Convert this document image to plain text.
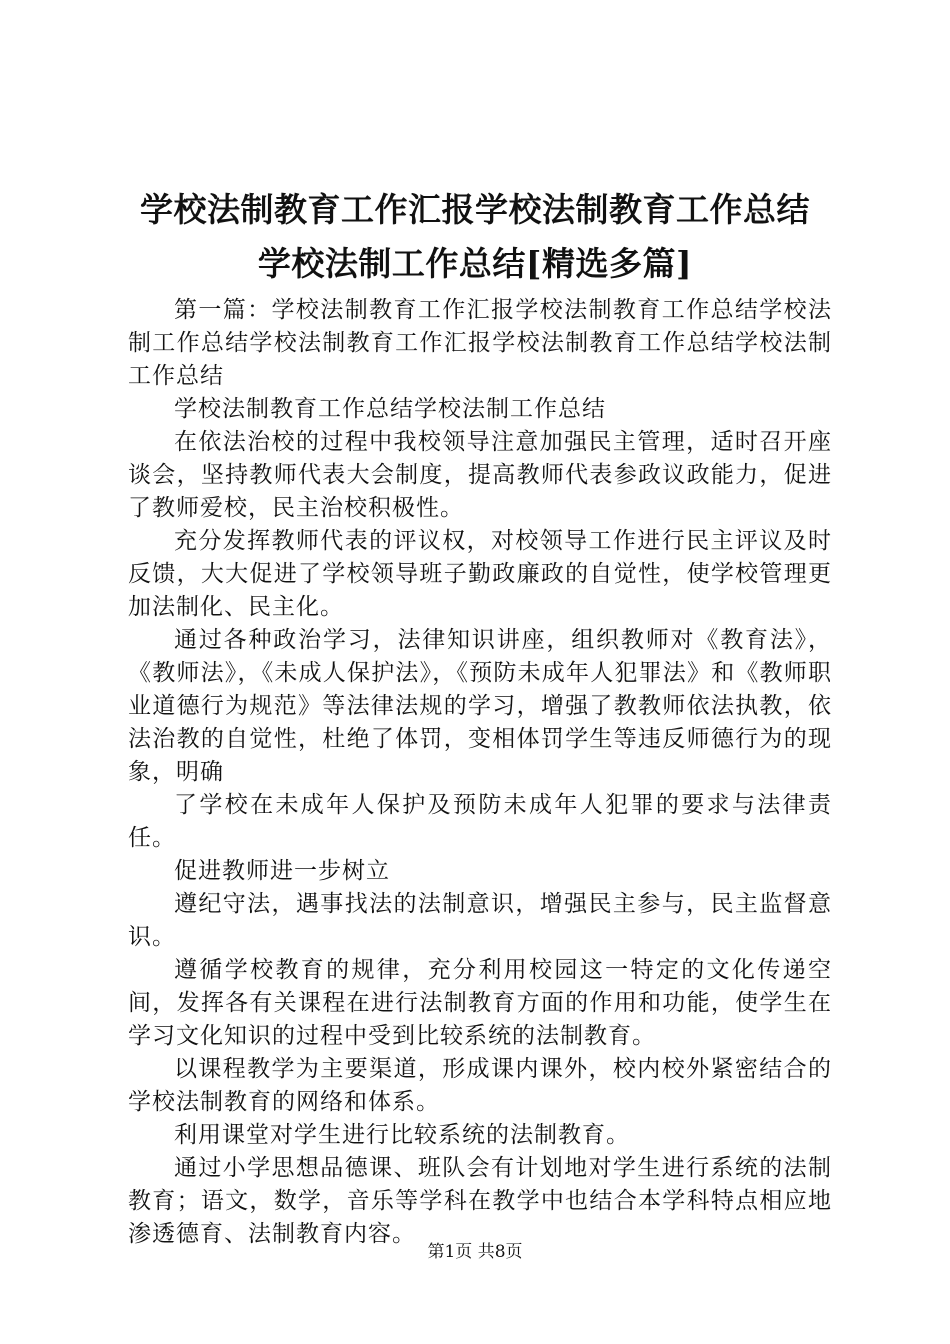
学校法制教育工作汇报学校法制教育工作总结
学校法制工作总结[精选多篇]

第一篇：学校法制教育工作汇报学校法制教育工作总结学校法制工作总结学校法制教育工作汇报学校法制教育工作总结学校法制工作总结

学校法制教育工作总结学校法制工作总结

在依法治校的过程中我校领导注意加强民主管理，适时召开座谈会，坚持教师代表大会制度，提高教师代表参政议政能力，促进了教师爱校，民主治校积极性。

充分发挥教师代表的评议权，对校领导工作进行民主评议及时反馈，大大促进了学校领导班子勤政廉政的自觉性，使学校管理更加法制化、民主化。

通过各种政治学习，法律知识讲座，组织教师对《教育法》，《教师法》，《未成人保护法》，《预防未成年人犯罪法》和《教师职业道德行为规范》等法律法规的学习，增强了教教师依法执教，依法治教的自觉性，杜绝了体罚，变相体罚学生等违反师德行为的现象，明确

了学校在未成年人保护及预防未成年人犯罪的要求与法律责任。

促进教师进一步树立

遵纪守法，遇事找法的法制意识，增强民主参与，民主监督意识。

遵循学校教育的规律，充分利用校园这一特定的文化传递空间，发挥各有关课程在进行法制教育方面的作用和功能，使学生在学习文化知识的过程中受到比较系统的法制教育。

以课程教学为主要渠道，形成课内课外，校内校外紧密结合的学校法制教育的网络和体系。

利用课堂对学生进行比较系统的法制教育。

通过小学思想品德课、班队会有计划地对学生进行系统的法制教育；语文，数学，音乐等学科在教学中也结合本学科特点相应地渗透德育、法制教育内容。

第1页 共8页
